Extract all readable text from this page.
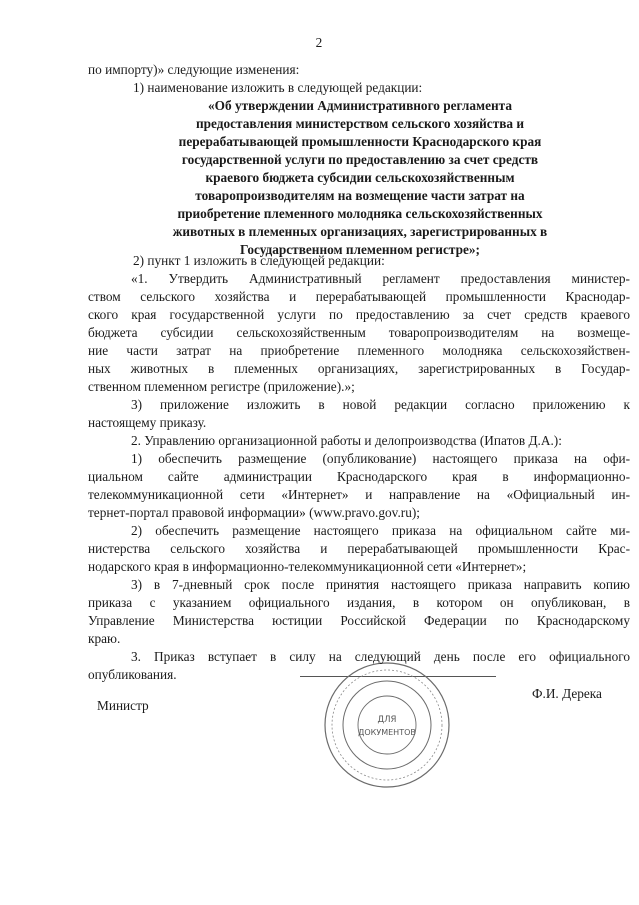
2
по импорту)» следующие изменения:
1) наименование изложить в следующей редакции:
«Об утверждении Административного регламента
предоставления министерством сельского хозяйства и
перерабатывающей промышленности Краснодарского края
государственной услуги по предоставлению за счет средств
краевого бюджета субсидии сельскохозяйственным
товаропроизводителям на возмещение части затрат на
приобретение племенного молодняка сельскохозяйственных
животных в племенных организациях, зарегистрированных в
Государственном племенном регистре»;
2) пункт 1 изложить в следующей редакции:
«1. Утвердить Административный регламент предоставления министер-
ством сельского хозяйства и перерабатывающей промышленности Краснодар-
ского края государственной услуги по предоставлению за счет средств краевого
бюджета субсидии сельскохозяйственным товаропроизводителям на возмеще-
ние части затрат на приобретение племенного молодняка сельскохозяйствен-
ных животных в племенных организациях, зарегистрированных в Государ-
ственном племенном регистре (приложение).»;
3) приложение изложить в новой редакции согласно приложению к
настоящему приказу.
2. Управлению организационной работы и делопроизводства (Ипатов Д.А.):
1) обеспечить размещение (опубликование) настоящего приказа на офи-
циальном сайте администрации Краснодарского края в информационно-
телекоммуникационной сети «Интернет» и направление на «Официальный ин-
тернет-портал правовой информации» (www.pravo.gov.ru);
2) обеспечить размещение настоящего приказа на официальном сайте ми-
нистерства сельского хозяйства и перерабатывающей промышленности Крас-
нодарского края в информационно-телекоммуникационной сети «Интернет»;
3) в 7-дневный срок после принятия настоящего приказа направить копию
приказа с указанием официального издания, в котором он опубликован, в
Управление Министерства юстиции Российской Федерации по Краснодарскому
краю.
Министр
Ф.И. Дерека
ДЛЯ
ДОКУМЕНТОВ
3. Приказ вступает в силу на следующий день после его официального
опубликования.
